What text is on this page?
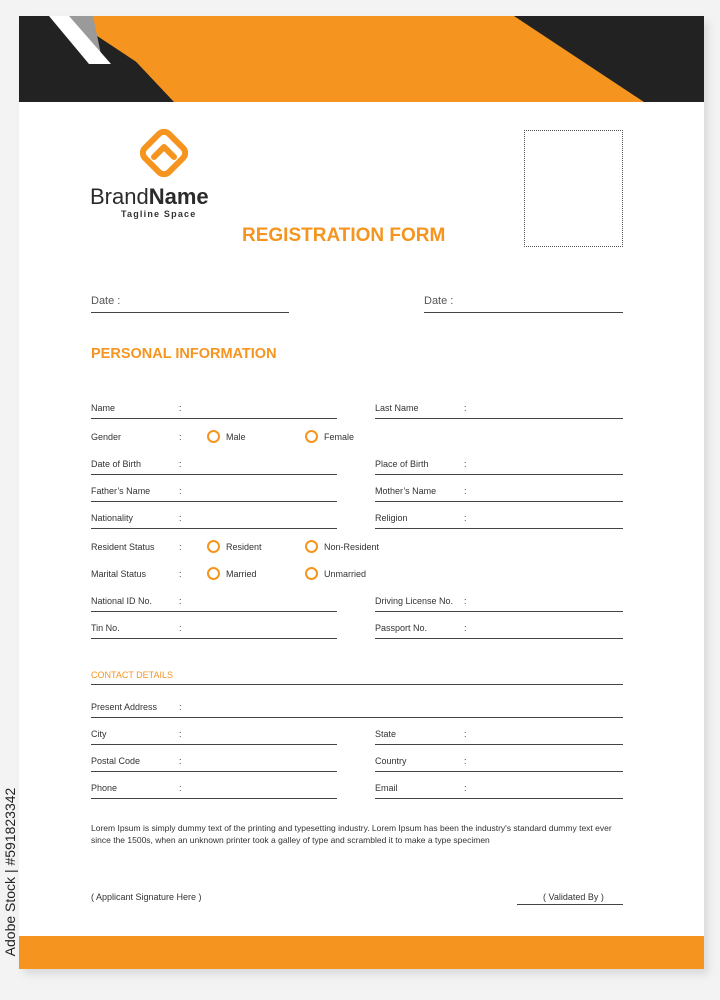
BrandName
Tagline Space
REGISTRATION FORM
Date :	Date :
PERSONAL INFORMATION
Name	:	Last Name	:
Gender	:	Male	Female
Date of Birth	:	Place of Birth	:
Father’s Name	:	Mother’s Name	:
Nationality	:	Religion	:
Resident Status	:	Resident	Non-Resident
Marital Status	:	Married	Unmarried
National ID No.	:	Driving License No. :
Tin No.	:	Passport No.	:
CONTACT DETAILS
Present Address :
City	:	State	:
Postal Code	:	Country	:
Phone	:	Email	:
Lorem Ipsum is simply dummy text of the printing and typesetting industry. Lorem Ipsum has been the industry's standard dummy text ever since the 1500s, when an unknown printer took a galley of type and scrambled it to make a type specimen
( Applicant Signature Here )	( Validated By )
Adobe Stock | #591823342
